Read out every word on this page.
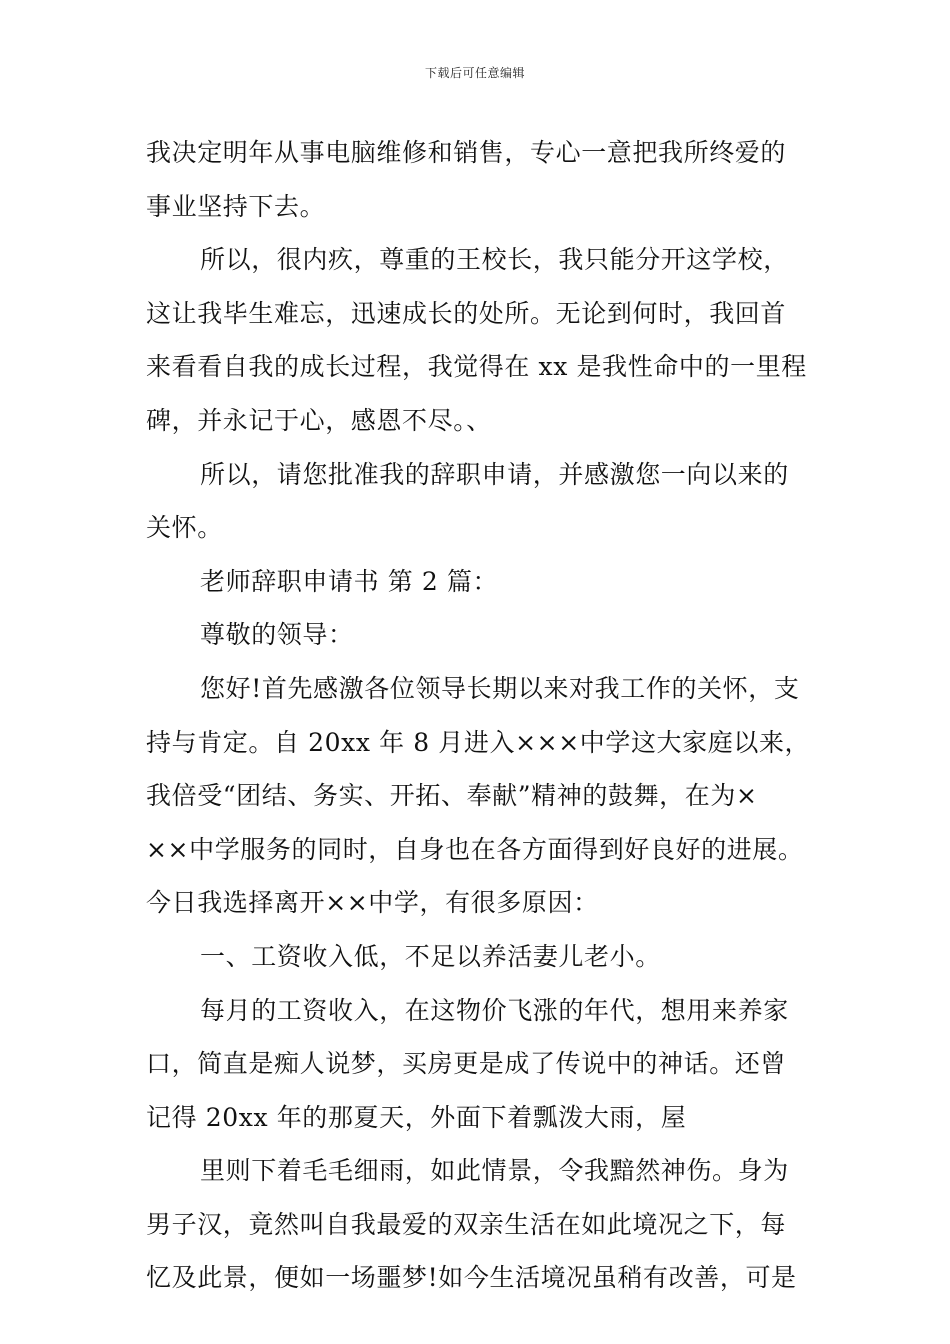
下载后可任意编辑
我决定明年从事电脑维修和销售，专心一意把我所终爱的
事业坚持下去。
所以，很内疚，尊重的王校长，我只能分开这学校，
这让我毕生难忘，迅速成长的处所。无论到何时，我回首
来看看自我的成长过程，我觉得在 xx 是我性命中的一里程
碑，并永记于心，感恩不尽。、
所以，请您批准我的辞职申请，并感激您一向以来的
关怀。
老师辞职申请书 第 2 篇：
尊敬的领导：
您好!首先感激各位领导长期以来对我工作的关怀，支
持与肯定。自 20xx 年 8 月进入×××中学这大家庭以来，
我倍受“团结、务实、开拓、奉献”精神的鼓舞，在为×
××中学服务的同时，自身也在各方面得到好良好的进展。
今日我选择离开××中学，有很多原因：
一、工资收入低，不足以养活妻儿老小。
每月的工资收入，在这物价飞涨的年代，想用来养家
口，简直是痴人说梦，买房更是成了传说中的神话。还曾
记得 20xx 年的那夏天，外面下着瓢泼大雨，屋
里则下着毛毛细雨，如此情景，令我黯然神伤。身为
男子汉，竟然叫自我最爱的双亲生活在如此境况之下，每
忆及此景，便如一场噩梦!如今生活境况虽稍有改善，可是
